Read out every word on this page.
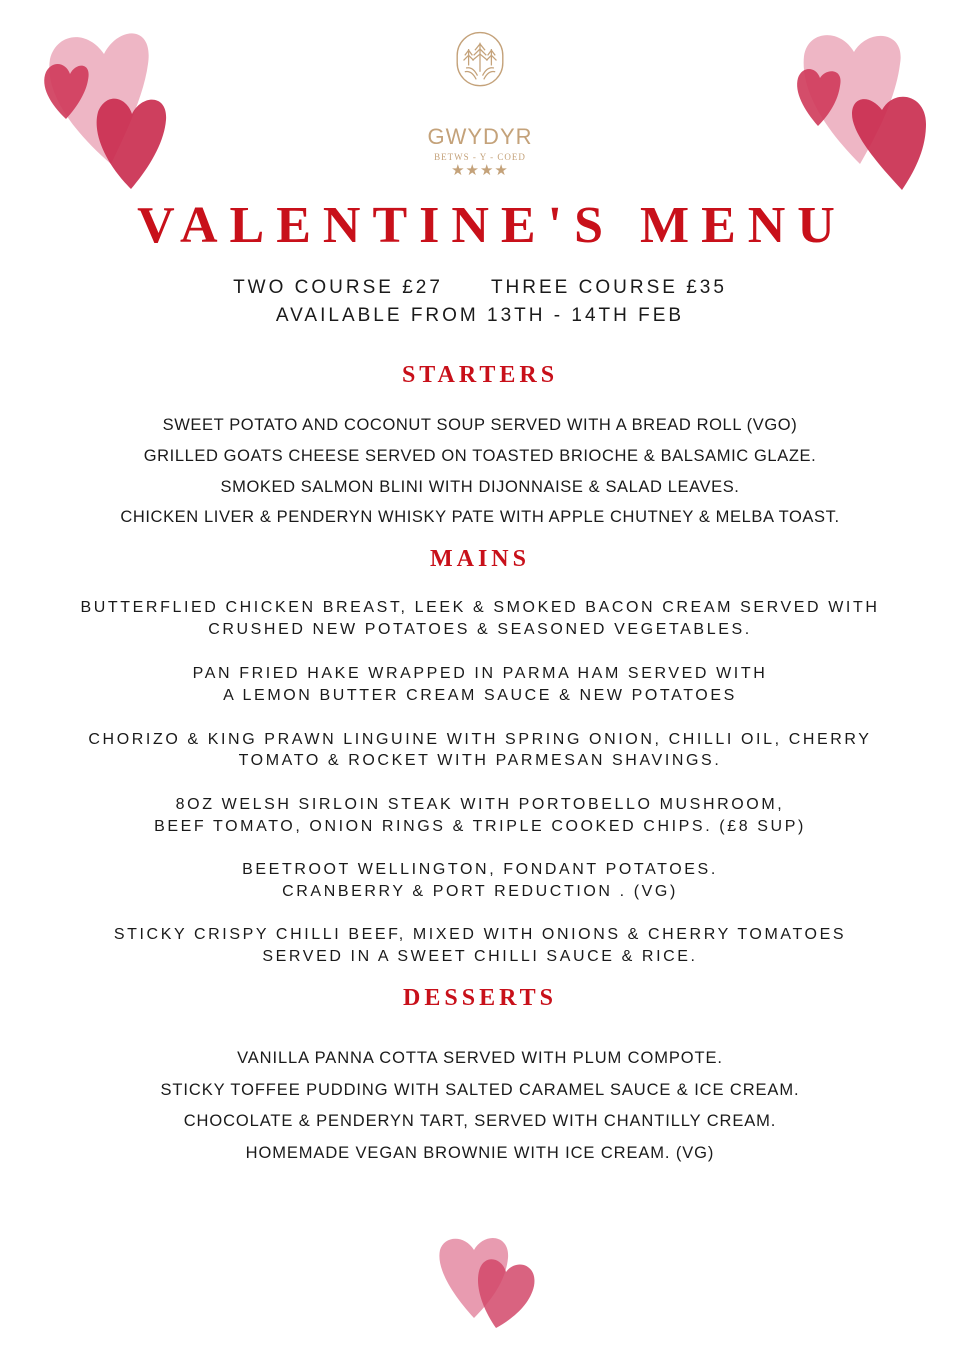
GWYDYR
BETWS - Y - COED
★★★★
VALENTINE'S MENU
TWO COURSE £27	THREE COURSE £35
AVAILABLE FROM 13TH - 14TH FEB
STARTERS
SWEET POTATO AND COCONUT SOUP SERVED WITH A BREAD ROLL (VGO)
GRILLED GOATS CHEESE SERVED ON TOASTED BRIOCHE & BALSAMIC GLAZE.
SMOKED SALMON BLINI WITH DIJONNAISE & SALAD LEAVES.
CHICKEN LIVER & PENDERYN WHISKY PATE WITH APPLE CHUTNEY & MELBA TOAST.
MAINS
BUTTERFLIED CHICKEN BREAST, LEEK & SMOKED BACON CREAM SERVED WITH
CRUSHED NEW POTATOES & SEASONED VEGETABLES.
PAN FRIED HAKE WRAPPED IN PARMA HAM SERVED WITH
A LEMON BUTTER CREAM SAUCE & NEW POTATOES
CHORIZO & KING PRAWN LINGUINE WITH SPRING ONION, CHILLI OIL, CHERRY
TOMATO & ROCKET WITH PARMESAN SHAVINGS.
8OZ WELSH SIRLOIN STEAK WITH PORTOBELLO MUSHROOM,
BEEF TOMATO, ONION RINGS & TRIPLE COOKED CHIPS. (£8 SUP)
BEETROOT WELLINGTON, FONDANT POTATOES.
CRANBERRY & PORT REDUCTION . (VG)
STICKY CRISPY CHILLI BEEF, MIXED WITH ONIONS & CHERRY TOMATOES
SERVED IN A SWEET CHILLI SAUCE & RICE.
DESSERTS
VANILLA PANNA COTTA SERVED WITH PLUM COMPOTE.
STICKY TOFFEE PUDDING WITH SALTED CARAMEL SAUCE & ICE CREAM.
CHOCOLATE & PENDERYN TART, SERVED WITH CHANTILLY CREAM.
HOMEMADE VEGAN BROWNIE WITH ICE CREAM. (VG)
